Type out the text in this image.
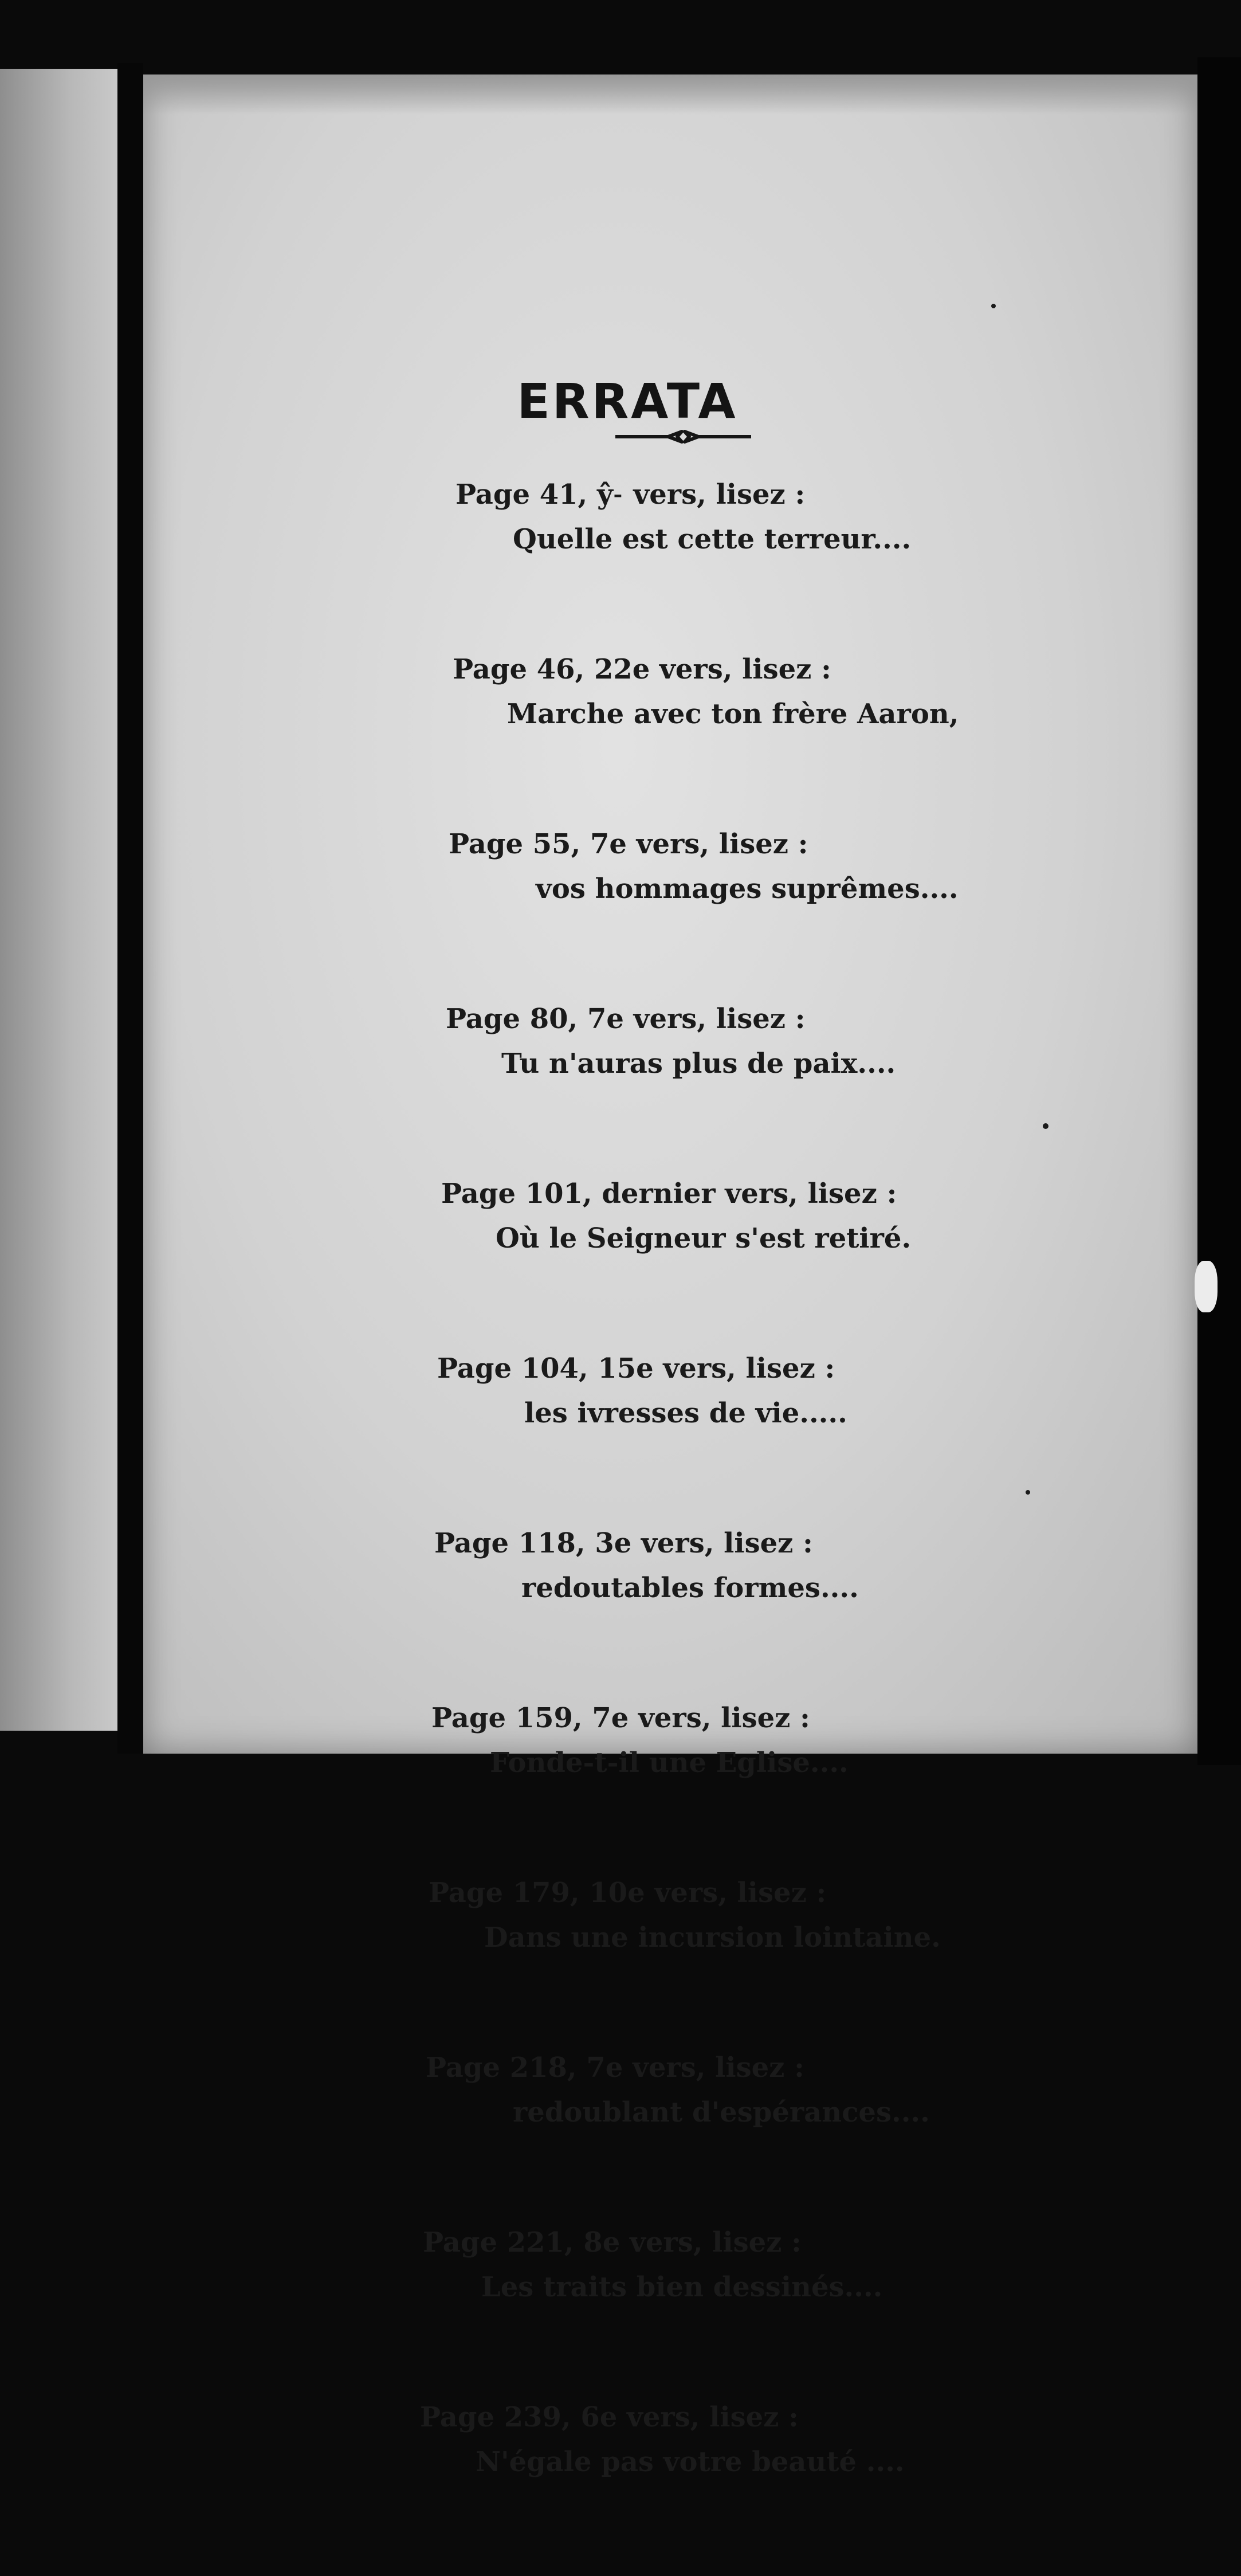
ERRATA
Page 41, ŷ˗ vers, lisez :
Quelle est cette terreur....
Page 46, 22e vers, lisez :
Marche avec ton frère Aaron,
Page 55, 7e vers, lisez :
vos hommages suprêmes....
Page 80, 7e vers, lisez :
Tu n'auras plus de paix....
Page 101, dernier vers, lisez :
Où le Seigneur s'est retiré.
Page 104, 15e vers, lisez :
les ivresses de vie.....
Page 118, 3e vers, lisez :
redoutables formes....
Page 159, 7e vers, lisez :
Fonde-t-il une Eglise....
Page 179, 10e vers, lisez :
Dans une incursion lointaine.
Page 218, 7e vers, lisez :
redoublant d'espérances....
Page 221, 8e vers, lisez :
Les traits bien dessinés....
Page 239, 6e vers, lisez :
N'égale pas votre beauté ....
